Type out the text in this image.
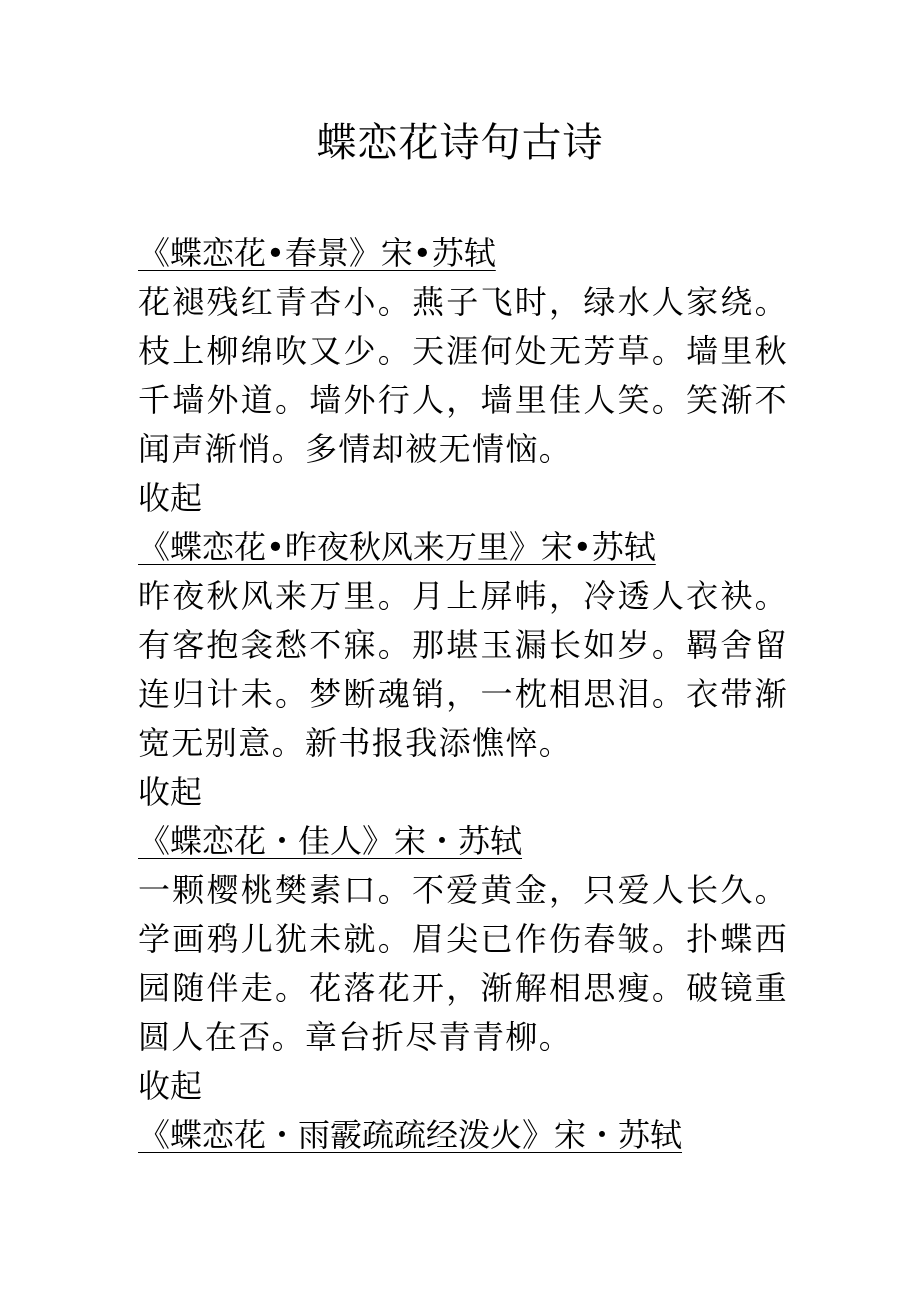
蝶恋花诗句古诗
《蝶恋花•春景》宋•苏轼

花褪残红青杏小。燕子飞时，绿水人家绕。枝上柳绵吹又少。天涯何处无芳草。墙里秋千墙外道。墙外行人，墙里佳人笑。笑渐不闻声渐悄。多情却被无情恼。

收起
《蝶恋花•昨夜秋风来万里》宋•苏轼

昨夜秋风来万里。月上屏帏，冷透人衣袂。有客抱衾愁不寐。那堪玉漏长如岁。羁舍留连归计未。梦断魂销，一枕相思泪。衣带渐宽无别意。新书报我添憔悴。

收起
《蝶恋花・佳人》宋・苏轼

一颗樱桃樊素口。不爱黄金，只爱人长久。学画鸦儿犹未就。眉尖已作伤春皱。扑蝶西园随伴走。花落花开，渐解相思瘦。破镜重圆人在否。章台折尽青青柳。

收起
《蝶恋花・雨霰疏疏经泼火》宋・苏轼
